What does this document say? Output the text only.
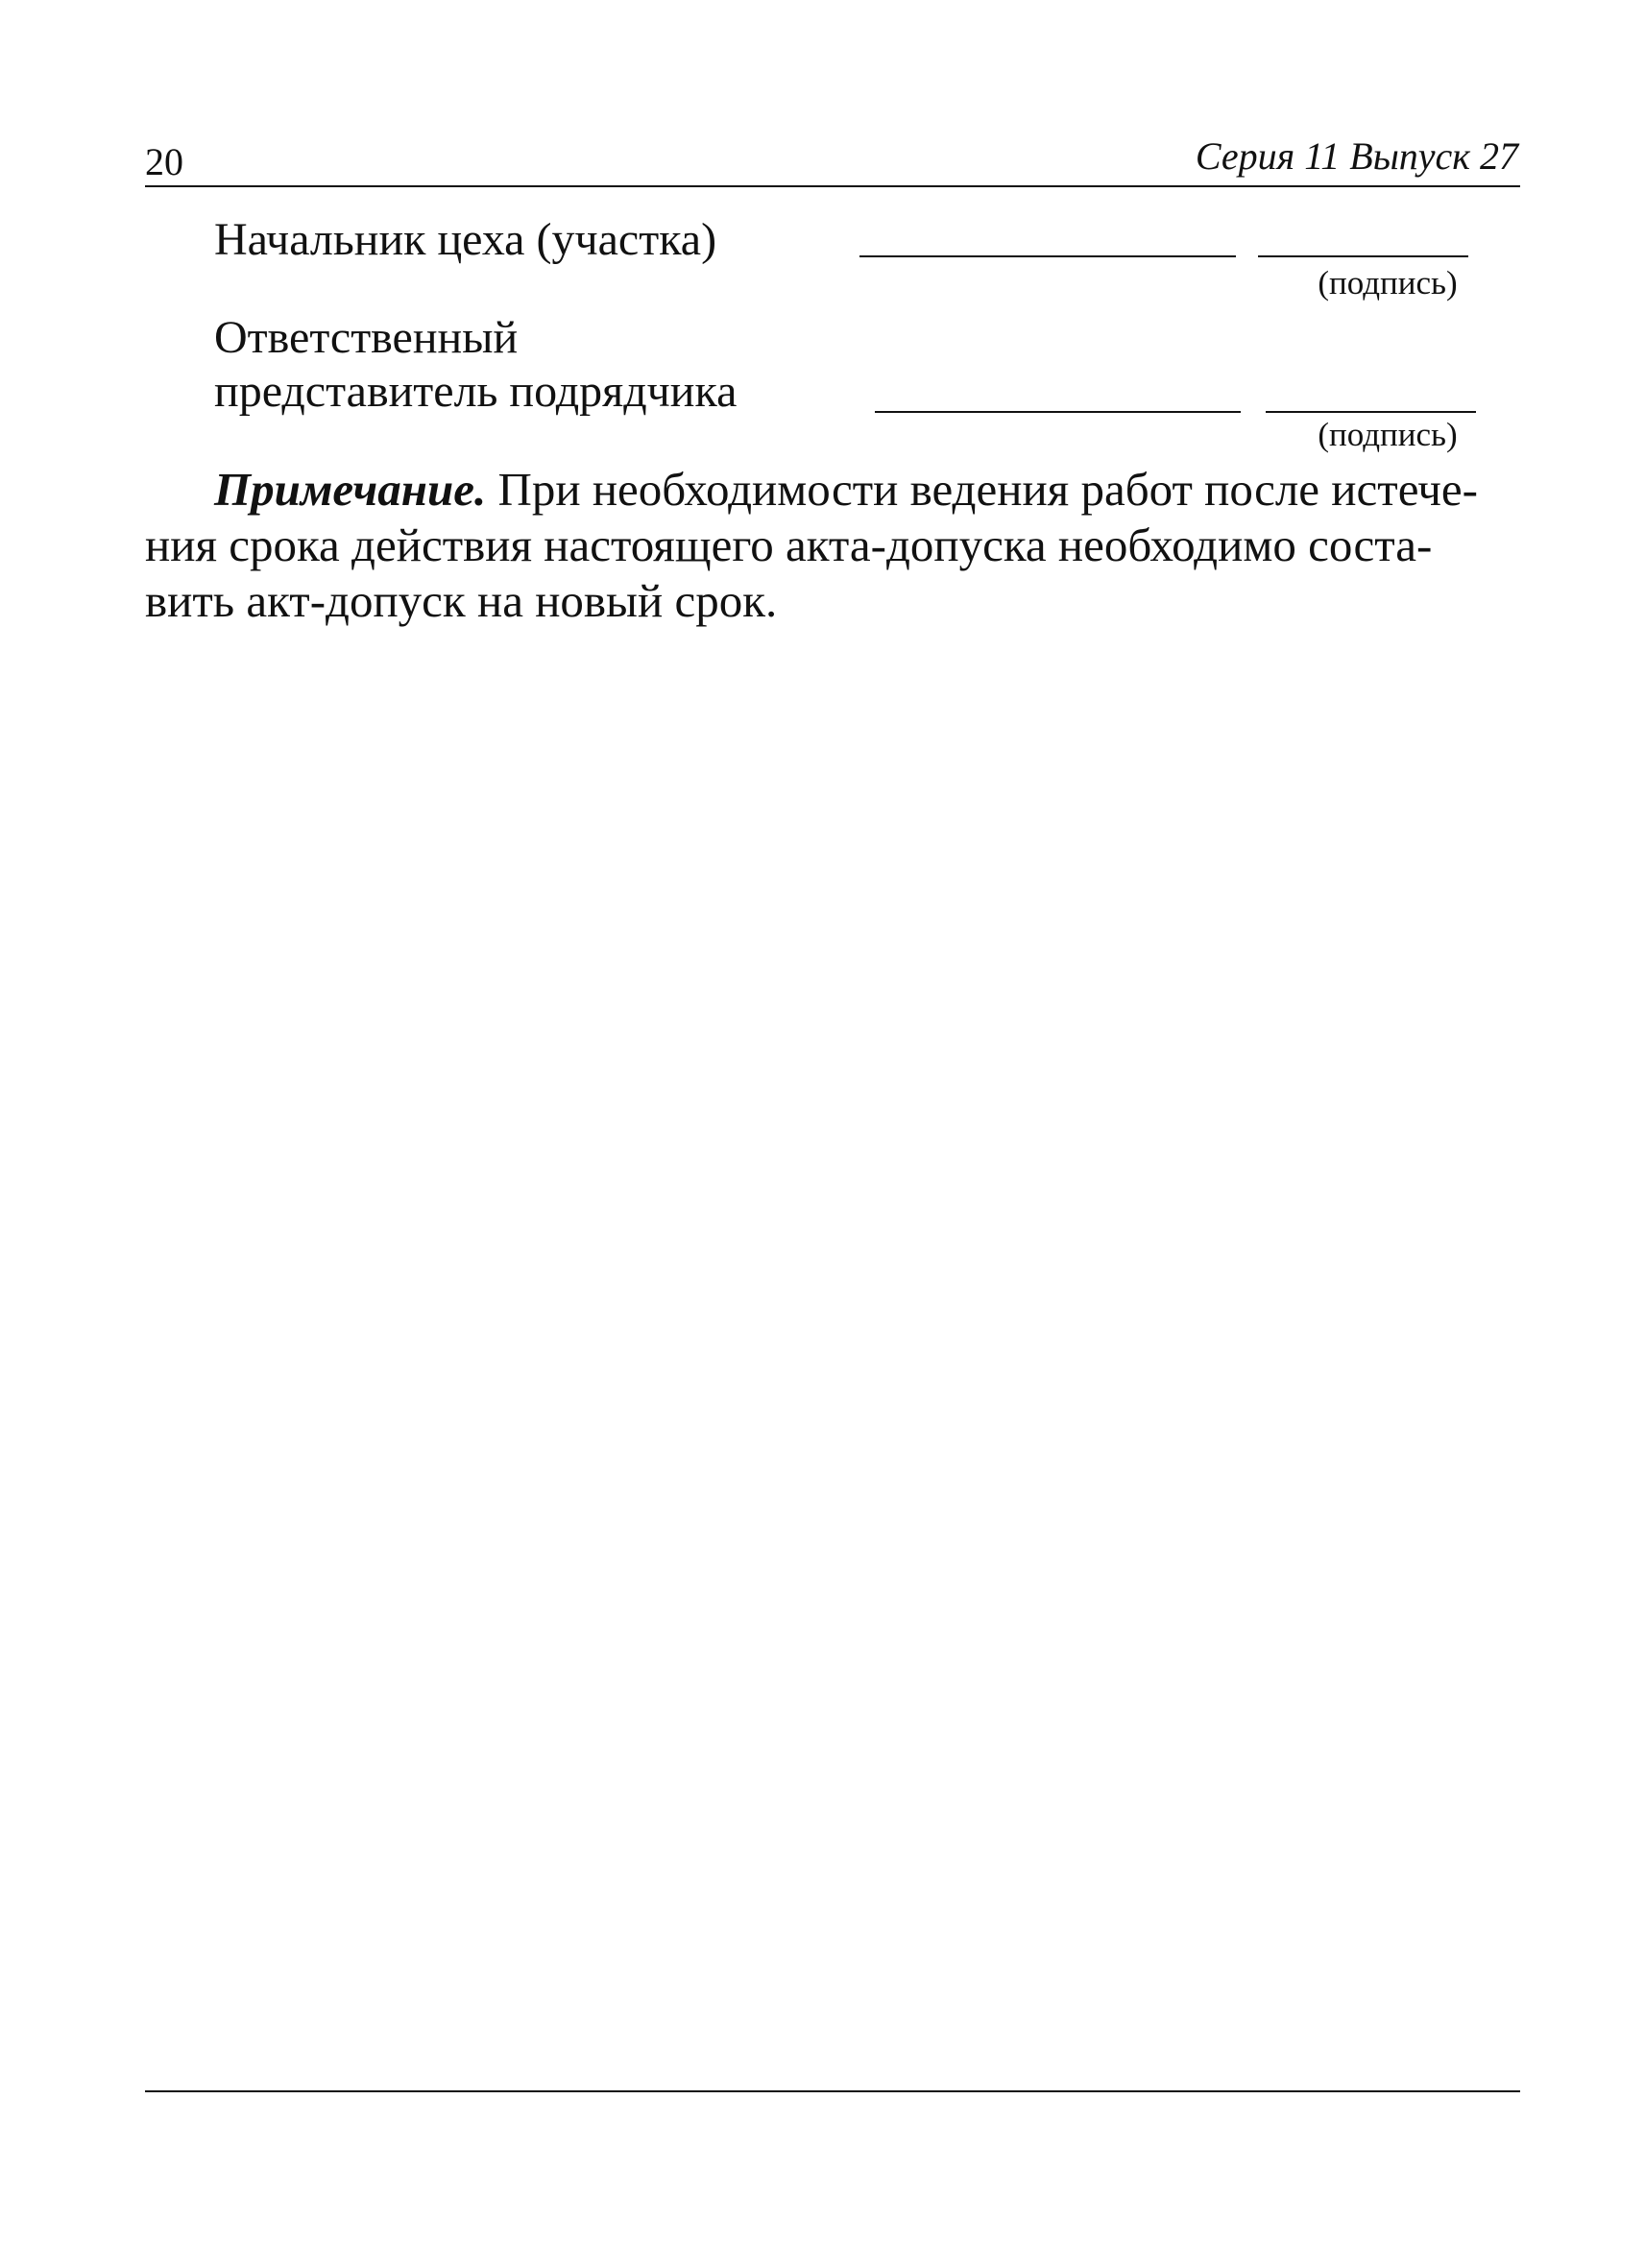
20	Серия 11 Выпуск 27
Начальник цеха (участка)
(подпись)
Ответственный
представитель подрядчика
(подпись)
Примечание. При необходимости ведения работ после истече-
ния срока действия настоящего акта-допуска необходимо соста-
вить акт-допуск на новый срок.
